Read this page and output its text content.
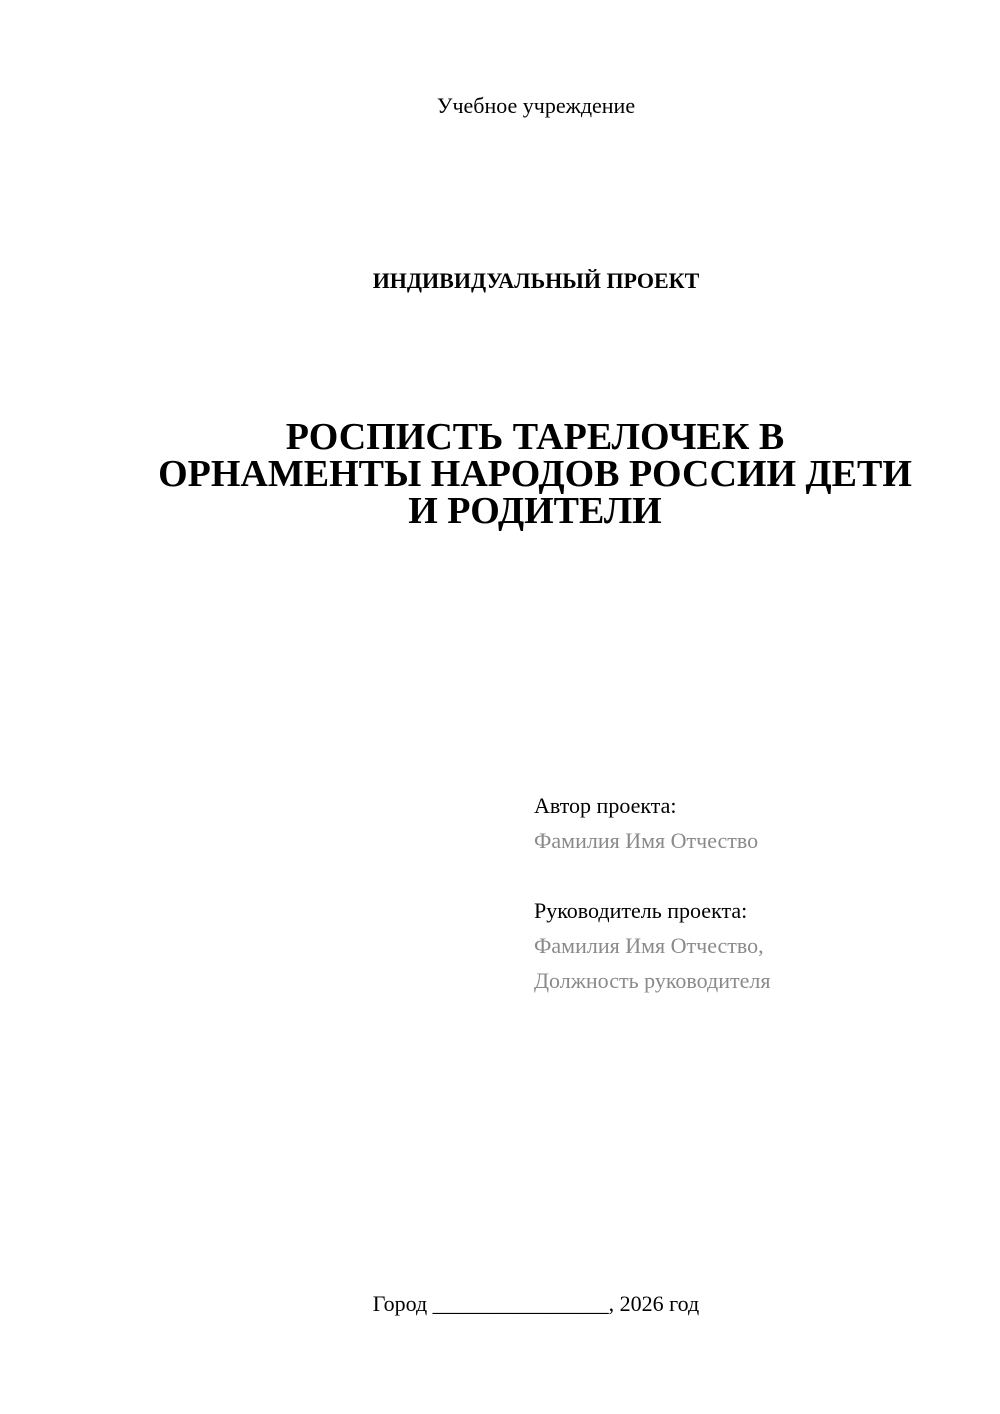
Учебное учреждение
ИНДИВИДУАЛЬНЫЙ ПРОЕКТ
РОСПИСТЬ ТАРЕЛОЧЕК В
ОРНАМЕНТЫ НАРОДОВ РОССИИ ДЕТИ
И РОДИТЕЛИ
Автор проекта:
Фамилия Имя Отчество
Руководитель проекта:
Фамилия Имя Отчество,
Должность руководителя
Город ________________, 2026 год
